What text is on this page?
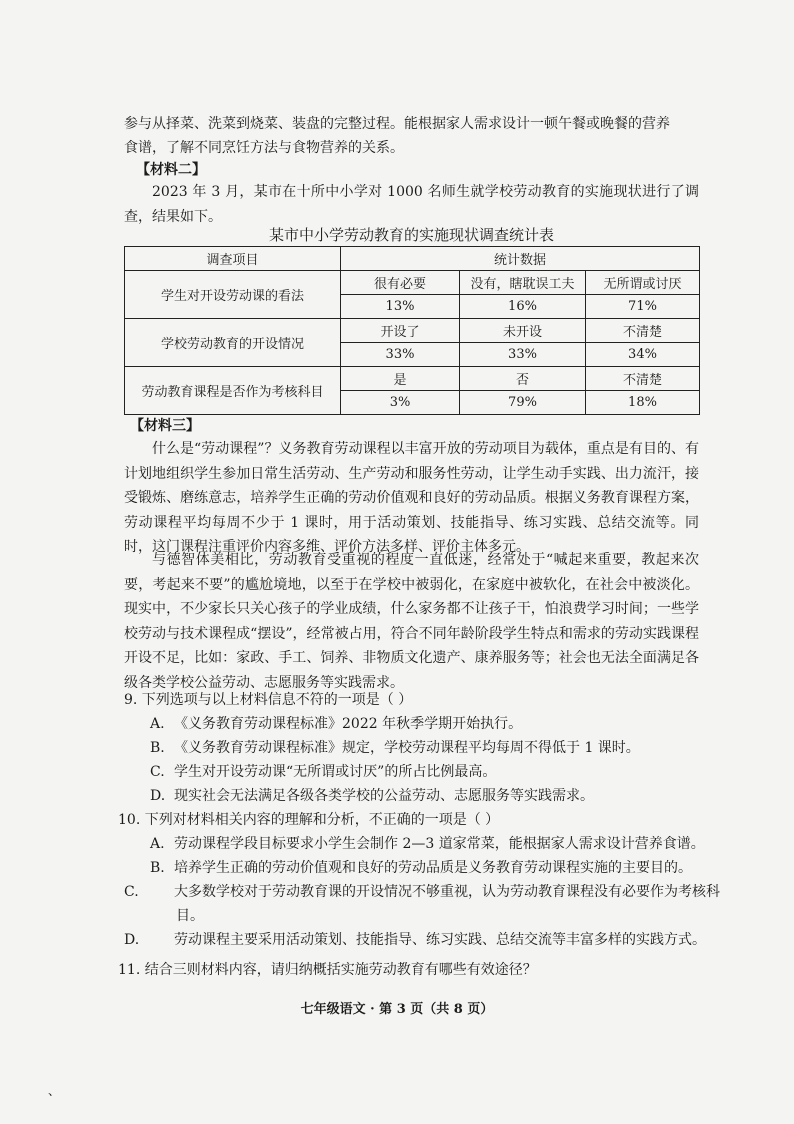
参与从择菜、洗菜到烧菜、装盘的完整过程。能根据家人需求设计一顿午餐或晚餐的营养

食谱，了解不同烹饪方法与食物营养的关系。

【材料二】

2023 年 3 月，某市在十所中小学对 1000 名师生就学校劳动教育的实施现状进行了调查，结果如下。

某市中小学劳动教育的实施现状调查统计表
调查项目	统计数据		
学生对开设劳动课的看法	很有必要	没有，瞎耽误工夫	无所谓或讨厌
	13%	16%	71%
学校劳动教育的开设情况	开设了	未开设	不清楚
	33%	33%	34%
劳动教育课程是否作为考核科目	是	否	不清楚
	3%	79%	18%

【材料三】

什么是“劳动课程”？义务教育劳动课程以丰富开放的劳动项目为载体，重点是有目的、有计划地组织学生参加日常生活劳动、生产劳动和服务性劳动，让学生动手实践、出力流汗，接受锻炼、磨练意志，培养学生正确的劳动价值观和良好的劳动品质。根据义务教育课程方案，劳动课程平均每周不少于 1 课时，用于活动策划、技能指导、练习实践、总结交流等。同时，这门课程注重评价内容多维、评价方法多样、评价主体多元。

与德智体美相比，劳动教育受重视的程度一直低迷，经常处于“喊起来重要，教起来次要，考起来不要”的尴尬境地，以至于在学校中被弱化，在家庭中被软化，在社会中被淡化。现实中，不少家长只关心孩子的学业成绩，什么家务都不让孩子干，怕浪费学习时间；一些学校劳动与技术课程成“摆设”，经常被占用，符合不同年龄阶段学生特点和需求的劳动实践课程开设不足，比如：家政、手工、饲养、非物质文化遗产、康养服务等；社会也无法全面满足各级各类学校公益劳动、志愿服务等实践需求。

9. 下列选项与以上材料信息不符的一项是（ ）

A. 《义务教育劳动课程标准》2022 年秋季学期开始执行。

B. 《义务教育劳动课程标准》规定，学校劳动课程平均每周不得低于 1 课时。

C. 学生对开设劳动课“无所谓或讨厌”的所占比例最高。

D. 现实社会无法满足各级各类学校的公益劳动、志愿服务等实践需求。

10. 下列对材料相关内容的理解和分析，不正确的一项是（ ）

A. 劳动课程学段目标要求小学生会制作 2—3 道家常菜，能根据家人需求设计营养食谱。

B. 培养学生正确的劳动价值观和良好的劳动品质是义务教育劳动课程实施的主要目的。

C.	大多数学校对于劳动教育课的开设情况不够重视，认为劳动教育课程没有必要作为考核科目。

D. 劳动课程主要采用活动策划、技能指导、练习实践、总结交流等丰富多样的实践方式。

11. 结合三则材料内容，请归纳概括实施劳动教育有哪些有效途径？

七年级语文 · 第 3 页（共 8 页）
、
